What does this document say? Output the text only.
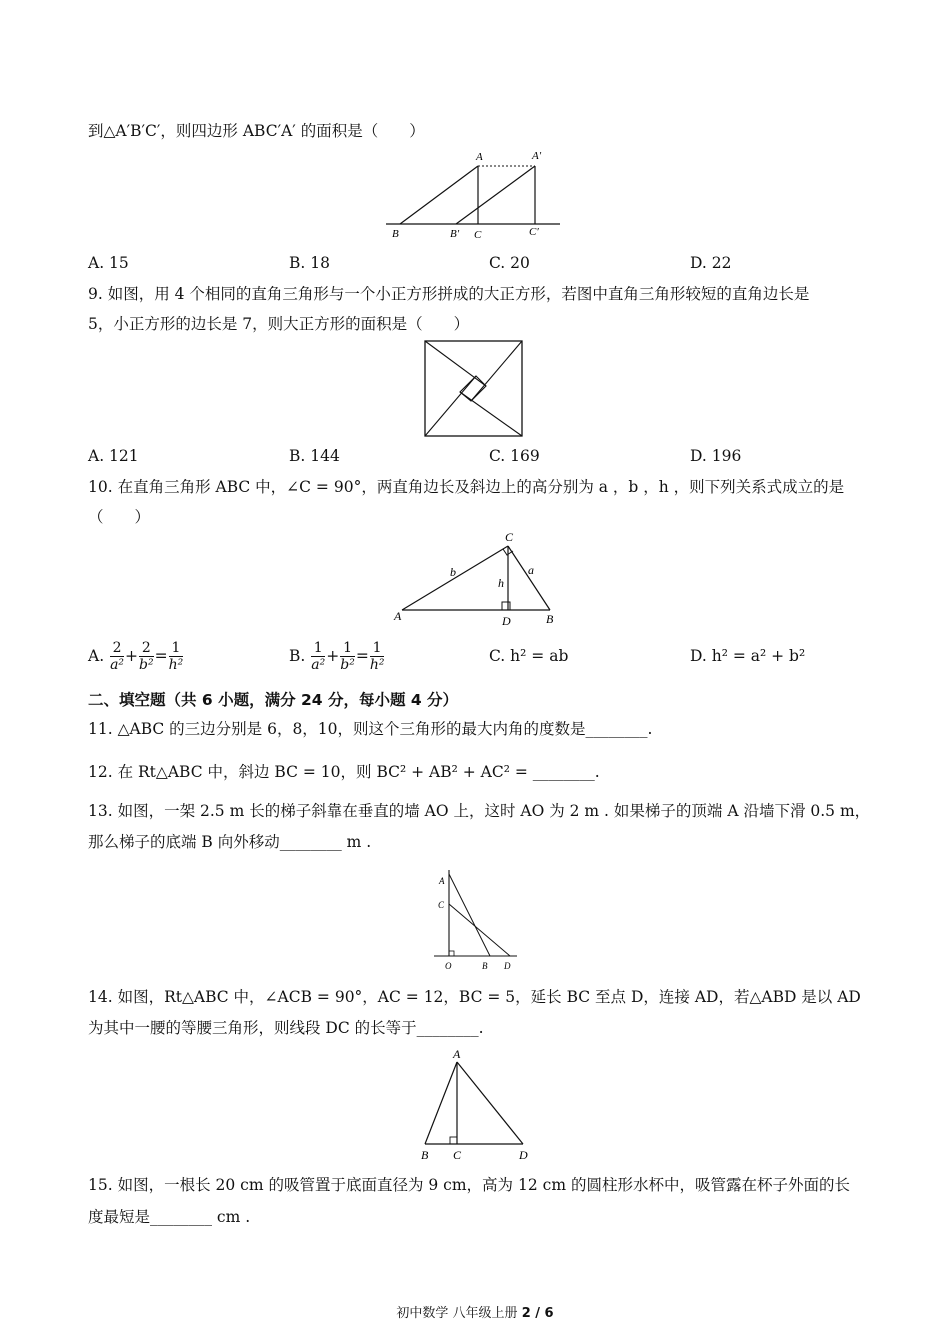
到△A′B′C′，则四边形 ABC′A′ 的面积是（　　）
A	A′
B	B′ C	C′
A. 15	B. 18	C. 20	D. 22
9. 如图，用 4 个相同的直角三角形与一个小正方形拼成的大正方形，若图中直角三角形较短的直角边长是
5，小正方形的边长是 7，则大正方形的面积是（　　）
A. 121	B. 144	C. 169	D. 196
10. 在直角三角形 ABC 中，∠C = 90°，两直角边长及斜边上的高分别为 a ，b ，h ，则下列关系式成立的是
（　　）
C
A	B
D
b	a
h
A.
$\frac{2}{\text{a²}} + \frac{2}{\text{b²}} = \frac{1}{\text{h²}}$	B.
$\frac{1}{\text{a²}} + \frac{1}{\text{b²}} = \frac{1}{\text{h²}}$	C. h² = ab	D. h² = a² + b²
二、填空题（共 6 小题，满分 24 分，每小题 4 分）
11. △ABC 的三边分别是 6，8，10，则这个三角形的最大内角的度数是________.
12. 在 Rt△ABC 中，斜边 BC = 10，则 BC² + AB² + AC² = ________.
13. 如图，一架 2.5 m 长的梯子斜靠在垂直的墙 AO 上，这时 AO 为 2 m . 如果梯子的顶端 A 沿墙下滑 0.5 m，
那么梯子的底端 B 向外移动________ m .
A
C
O	B D
14. 如图，Rt△ABC 中，∠ACB = 90°，AC = 12，BC = 5，延长 BC 至点 D，连接 AD，若△ABD 是以 AD
为其中一腰的等腰三角形，则线段 DC 的长等于________.
A
B C	D
15. 如图，一根长 20 cm 的吸管置于底面直径为 9 cm，高为 12 cm 的圆柱形水杯中，吸管露在杯子外面的长
度最短是________ cm .
初中数学 八年级上册 2 / 6
